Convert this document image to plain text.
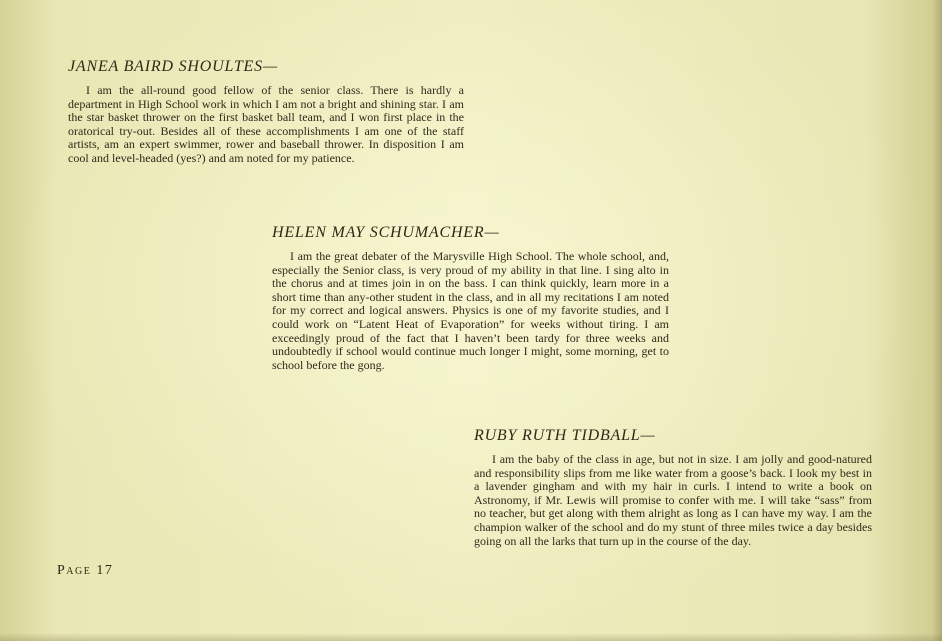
JANEA BAIRD SHOULTES—

I am the all-round good fellow of the senior class. There is hardly a department in High School work in which I am not a bright and shining star. I am the star basket thrower on the first basket ball team, and I won first place in the oratorical try-out. Besides all of these accomplishments I am one of the staff artists, am an expert swimmer, rower and baseball thrower. In disposition I am cool and level-headed (yes?) and am noted for my patience.

HELEN MAY SCHUMACHER—

I am the great debater of the Marysville High School. The whole school, and, especially the Senior class, is very proud of my ability in that line. I sing alto in the chorus and at times join in on the bass. I can think quickly, learn more in a short time than any-other student in the class, and in all my recitations I am noted for my correct and logical answers. Physics is one of my favorite studies, and I could work on “Latent Heat of Evaporation” for weeks without tiring. I am exceedingly proud of the fact that I haven’t been tardy for three weeks and undoubtedly if school would continue much longer I might, some morning, get to school before the gong.

RUBY RUTH TIDBALL—

I am the baby of the class in age, but not in size. I am jolly and good-natured and responsibility slips from me like water from a goose’s back. I look my best in a lavender gingham and with my hair in curls. I intend to write a book on Astronomy, if Mr. Lewis will promise to confer with me. I will take “sass” from no teacher, but get along with them alright as long as I can have my way. I am the champion walker of the school and do my stunt of three miles twice a day besides going on all the larks that turn up in the course of the day.

Page 17
